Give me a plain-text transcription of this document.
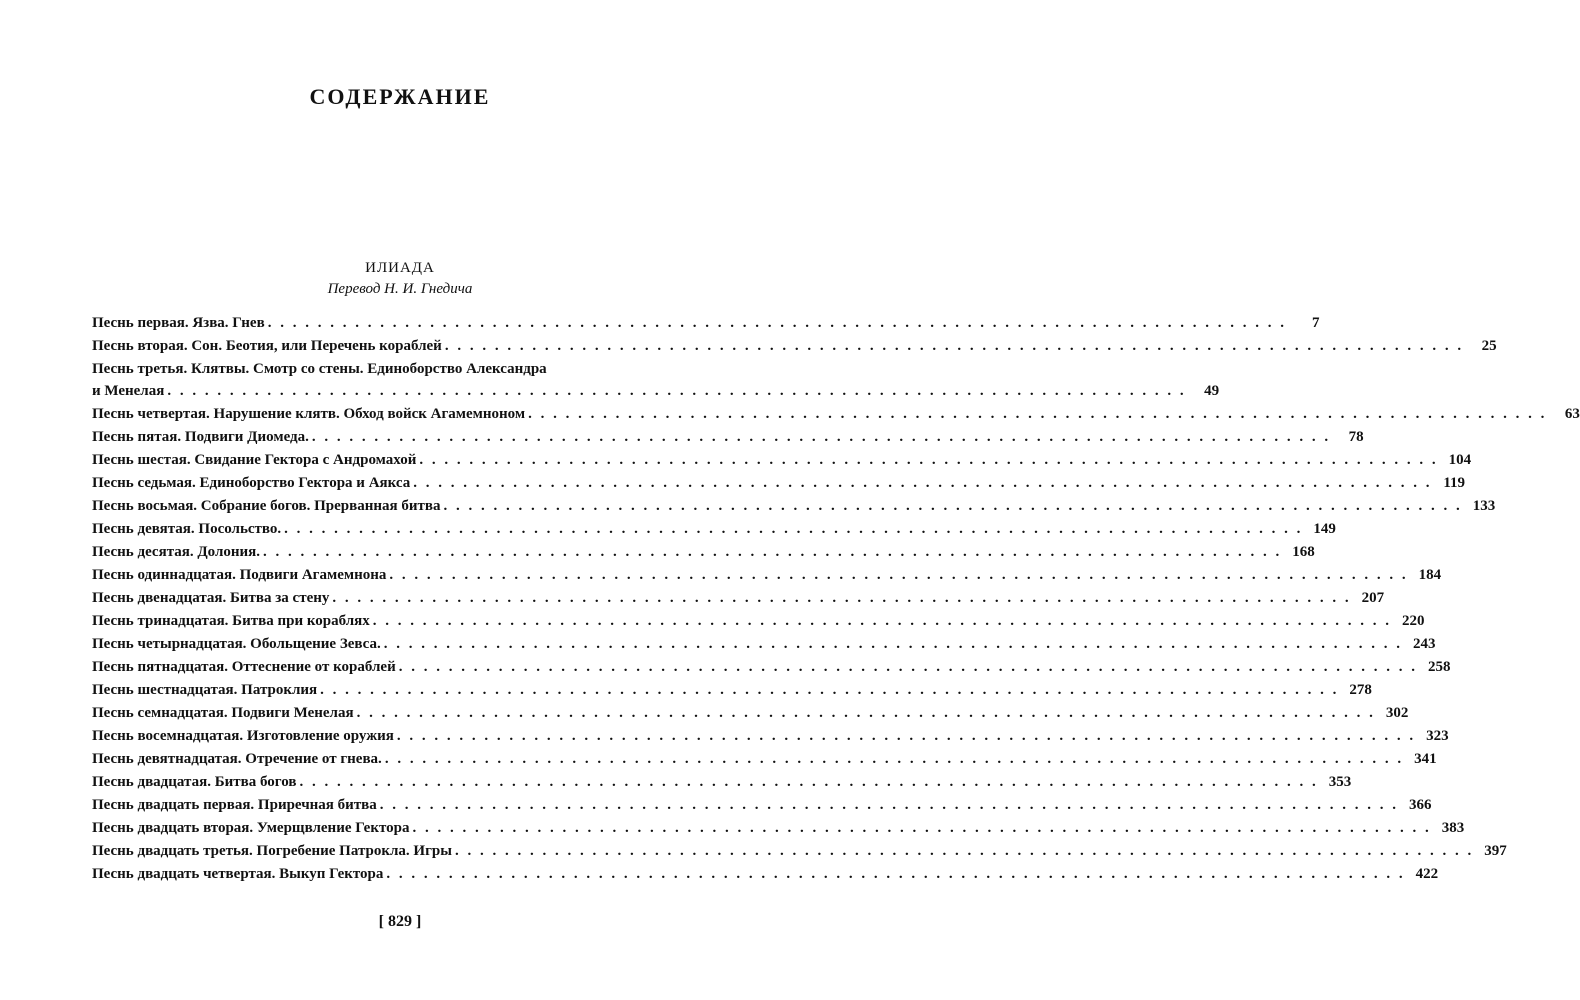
СОДЕРЖАНИЕ
ИЛИАДА
Перевод Н. И. Гнедича
Песнь первая. Язва. Гнев . . .	7
Песнь вторая. Сон. Беотия, или Перечень кораблей . . .	25
Песнь третья. Клятвы. Смотр со стены. Единоборство Александра
и Менелая . . .	49
Песнь четвертая. Нарушение клятв. Обход войск Агамемноном . . .	63
Песнь пятая. Подвиги Диомеда. . . .	78
Песнь шестая. Свидание Гектора с Андромахой . . .	104
Песнь седьмая. Единоборство Гектора и Аякса . . .	119
Песнь восьмая. Собрание богов. Прерванная битва . . .	133
Песнь девятая. Посольство. . . .	149
Песнь десятая. Долония. . . .	168
Песнь одиннадцатая. Подвиги Агамемнона . . .	184
Песнь двенадцатая. Битва за стену . . .	207
Песнь тринадцатая. Битва при кораблях . . .	220
Песнь четырнадцатая. Обольщение Зевса. . . .	243
Песнь пятнадцатая. Оттеснение от кораблей . . .	258
Песнь шестнадцатая. Патроклия . . .	278
Песнь семнадцатая. Подвиги Менелая . . .	302
Песнь восемнадцатая. Изготовление оружия . . .	323
Песнь девятнадцатая. Отречение от гнева. . . .	341
Песнь двадцатая. Битва богов . . .	353
Песнь двадцать первая. Приречная битва . . .	366
Песнь двадцать вторая. Умерщвление Гектора . . .	383
Песнь двадцать третья. Погребение Патрокла. Игры . . .	397
Песнь двадцать четвертая. Выкуп Гектора . . .	422
[ 829 ]
